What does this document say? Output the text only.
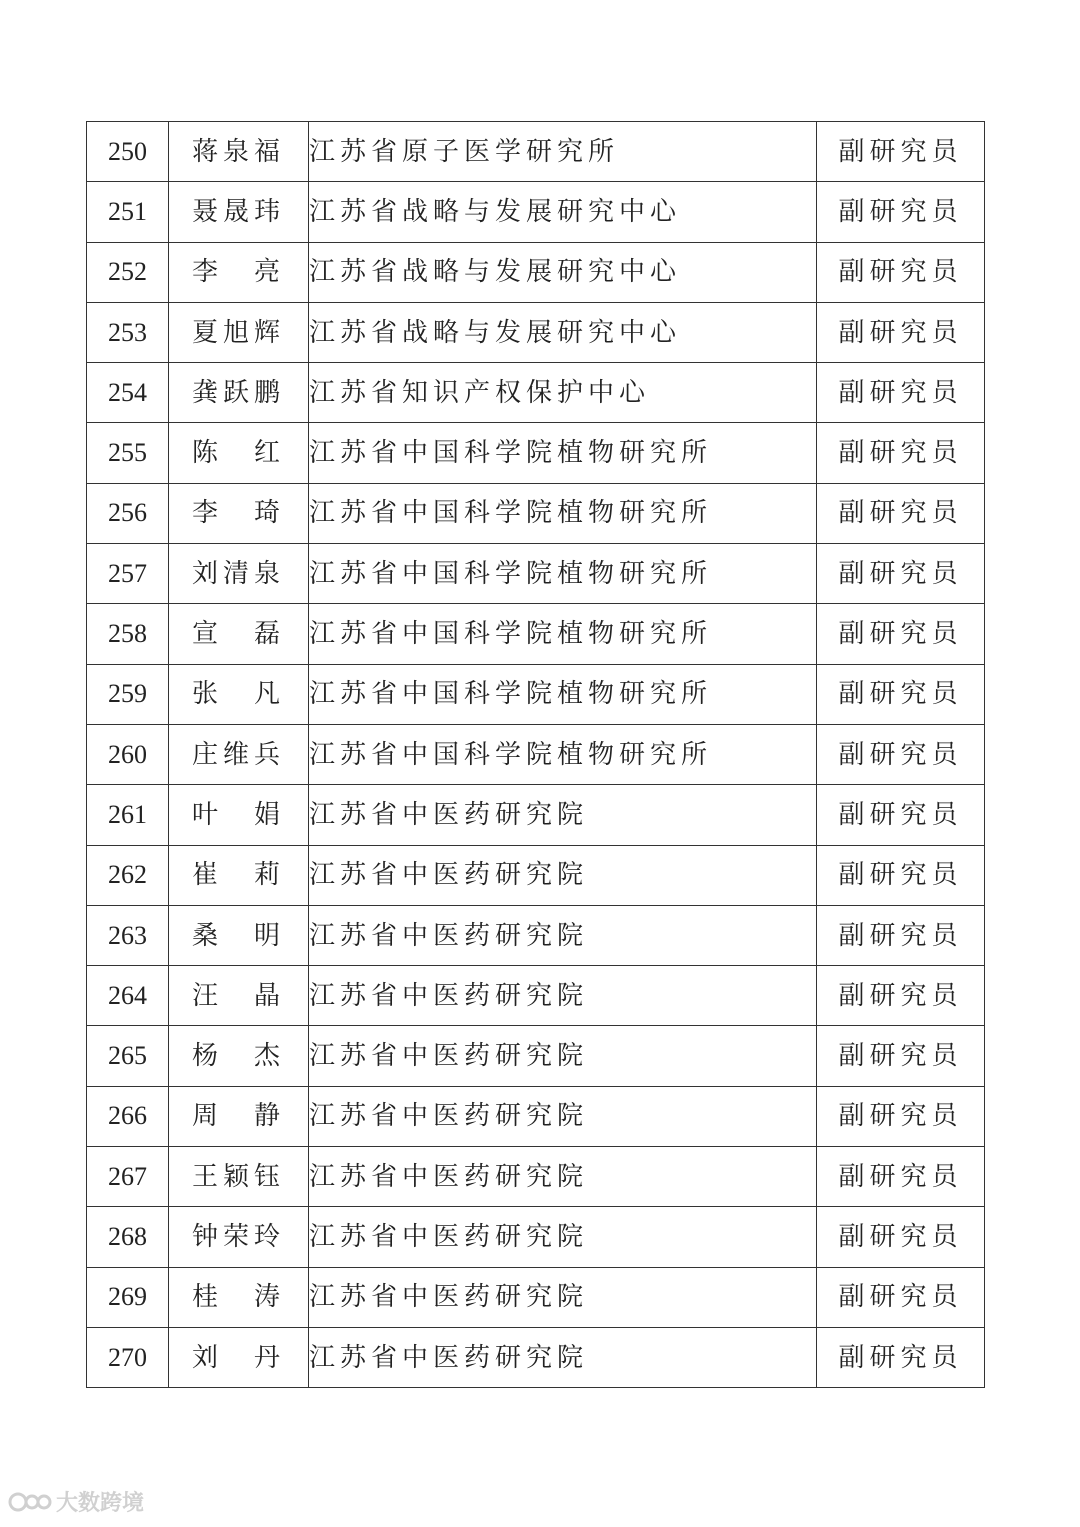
250	蒋泉福	江苏省原子医学研究所	副研究员
251	聂晟玮	江苏省战略与发展研究中心	副研究员
252	李　亮	江苏省战略与发展研究中心	副研究员
253	夏旭辉	江苏省战略与发展研究中心	副研究员
254	龚跃鹏	江苏省知识产权保护中心	副研究员
255	陈　红	江苏省中国科学院植物研究所	副研究员
256	李　琦	江苏省中国科学院植物研究所	副研究员
257	刘清泉	江苏省中国科学院植物研究所	副研究员
258	宣　磊	江苏省中国科学院植物研究所	副研究员
259	张　凡	江苏省中国科学院植物研究所	副研究员
260	庄维兵	江苏省中国科学院植物研究所	副研究员
261	叶　娟	江苏省中医药研究院	副研究员
262	崔　莉	江苏省中医药研究院	副研究员
263	桑　明	江苏省中医药研究院	副研究员
264	汪　晶	江苏省中医药研究院	副研究员
265	杨　杰	江苏省中医药研究院	副研究员
266	周　静	江苏省中医药研究院	副研究员
267	王颖钰	江苏省中医药研究院	副研究员
268	钟荣玲	江苏省中医药研究院	副研究员
269	桂　涛	江苏省中医药研究院	副研究员
270	刘　丹	江苏省中医药研究院	副研究员
大数跨境
